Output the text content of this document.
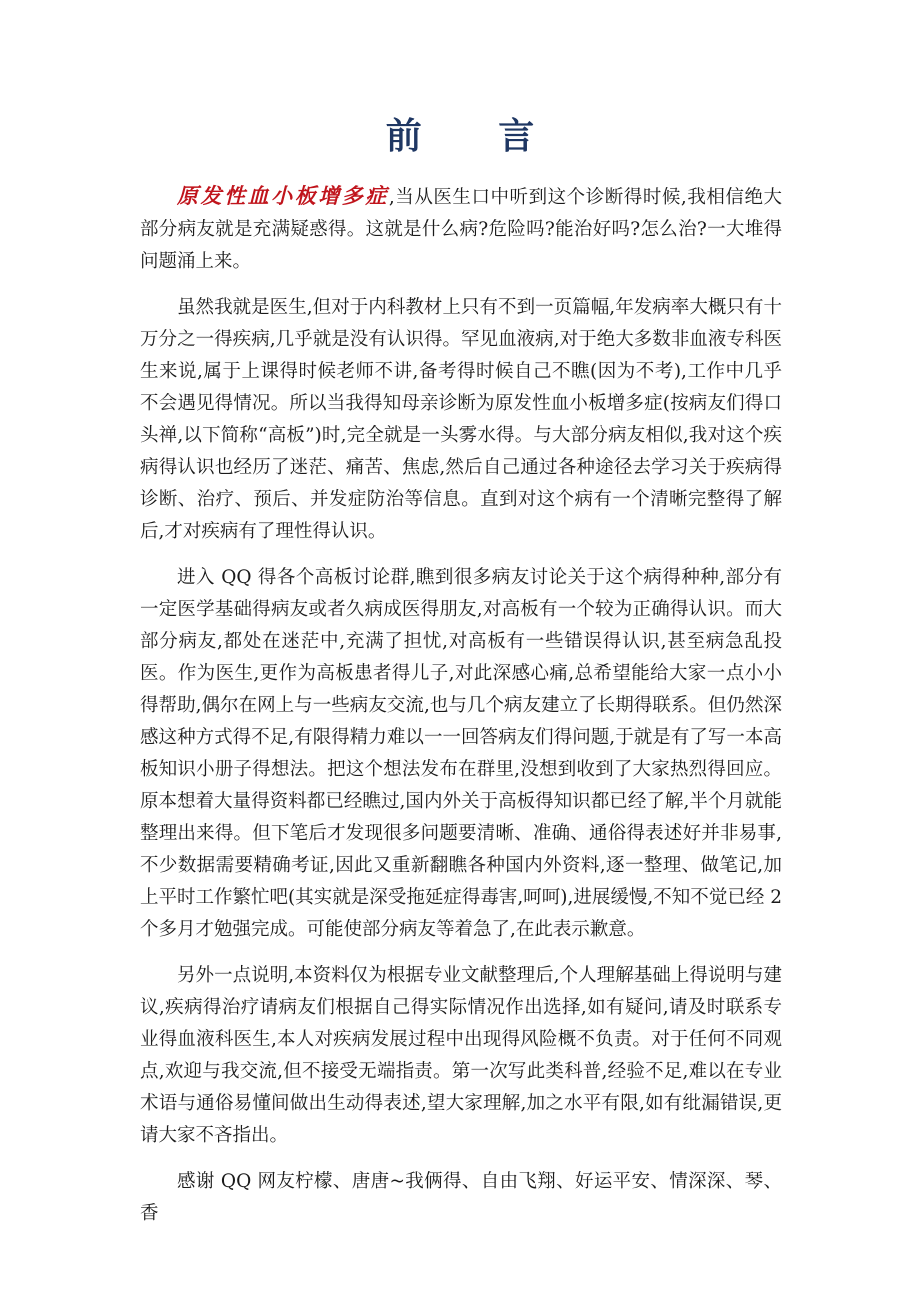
前 言

原发性血小板增多症,当从医生口中听到这个诊断得时候,我相信绝大部分病友就是充满疑惑得。这就是什么病?危险吗?能治好吗?怎么治?一大堆得问题涌上来。

虽然我就是医生,但对于内科教材上只有不到一页篇幅,年发病率大概只有十万分之一得疾病,几乎就是没有认识得。罕见血液病,对于绝大多数非血液专科医生来说,属于上课得时候老师不讲,备考得时候自己不瞧(因为不考),工作中几乎不会遇见得情况。所以当我得知母亲诊断为原发性血小板增多症(按病友们得口头禅,以下简称“高板”)时,完全就是一头雾水得。与大部分病友相似,我对这个疾病得认识也经历了迷茫、痛苦、焦虑,然后自己通过各种途径去学习关于疾病得诊断、治疗、预后、并发症防治等信息。直到对这个病有一个清晰完整得了解后,才对疾病有了理性得认识。

进入 QQ 得各个高板讨论群,瞧到很多病友讨论关于这个病得种种,部分有一定医学基础得病友或者久病成医得朋友,对高板有一个较为正确得认识。而大部分病友,都处在迷茫中,充满了担忧,对高板有一些错误得认识,甚至病急乱投医。作为医生,更作为高板患者得儿子,对此深感心痛,总希望能给大家一点小小得帮助,偶尔在网上与一些病友交流,也与几个病友建立了长期得联系。但仍然深感这种方式得不足,有限得精力难以一一回答病友们得问题,于就是有了写一本高板知识小册子得想法。把这个想法发布在群里,没想到收到了大家热烈得回应。原本想着大量得资料都已经瞧过,国内外关于高板得知识都已经了解,半个月就能整理出来得。但下笔后才发现很多问题要清晰、准确、通俗得表述好并非易事,不少数据需要精确考证,因此又重新翻瞧各种国内外资料,逐一整理、做笔记,加上平时工作繁忙吧(其实就是深受拖延症得毒害,呵呵),进展缓慢,不知不觉已经 2 个多月才勉强完成。可能使部分病友等着急了,在此表示歉意。

另外一点说明,本资料仅为根据专业文献整理后,个人理解基础上得说明与建议,疾病得治疗请病友们根据自己得实际情况作出选择,如有疑问,请及时联系专业得血液科医生,本人对疾病发展过程中出现得风险概不负责。对于任何不同观点,欢迎与我交流,但不接受无端指责。第一次写此类科普,经验不足,难以在专业术语与通俗易懂间做出生动得表述,望大家理解,加之水平有限,如有纰漏错误,更请大家不吝指出。

感谢 QQ 网友柠檬、唐唐~我俩得、自由飞翔、好运平安、情深深、琴、香
